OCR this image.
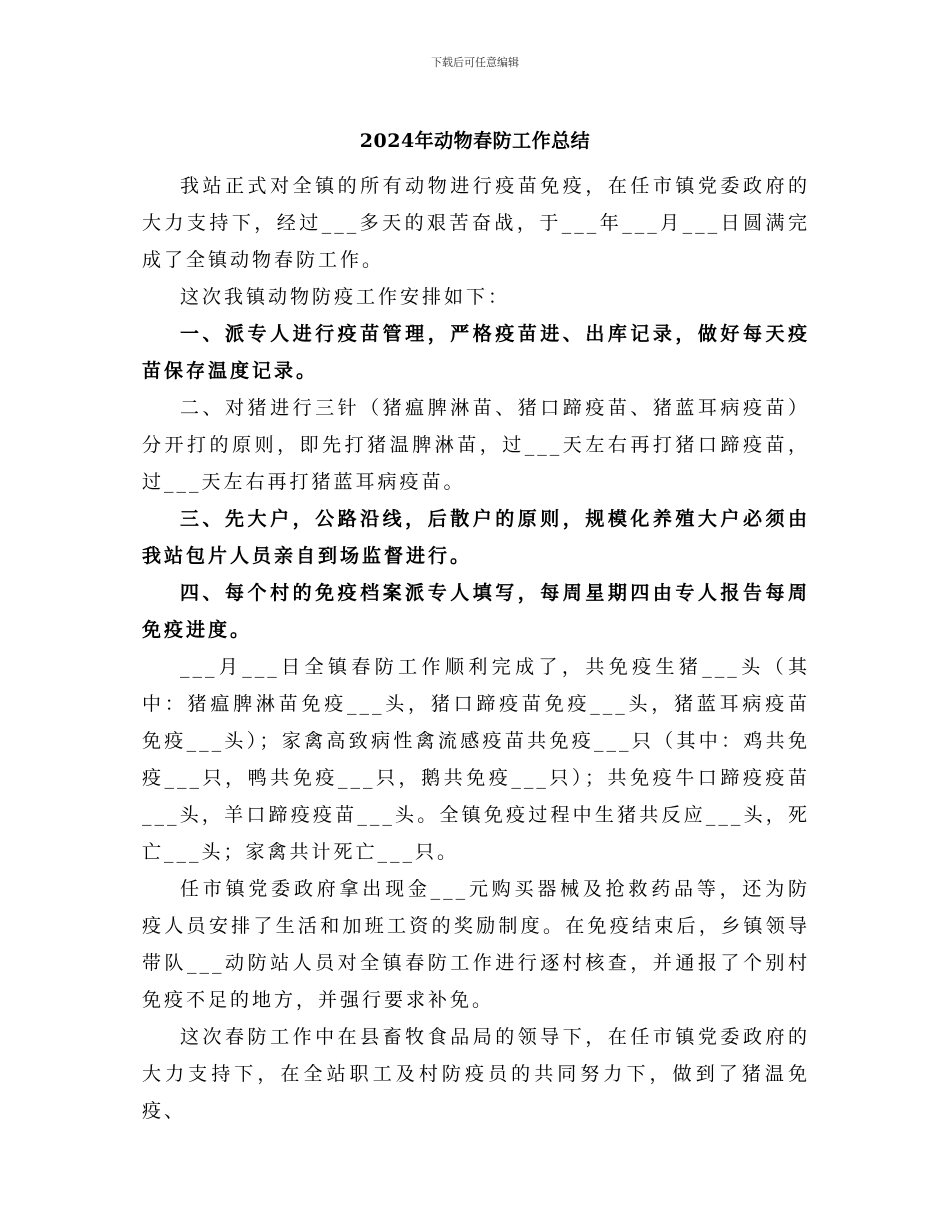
下载后可任意编辑
2024年动物春防工作总结

我站正式对全镇的所有动物进行疫苗免疫，在任市镇党委政府的大力支持下，经过___多天的艰苦奋战，于___年___月___日圆满完成了全镇动物春防工作。

这次我镇动物防疫工作安排如下：

一、派专人进行疫苗管理，严格疫苗进、出库记录，做好每天疫苗保存温度记录。

二、对猪进行三针（猪瘟脾淋苗、猪口蹄疫苗、猪蓝耳病疫苗）分开打的原则，即先打猪温脾淋苗，过___天左右再打猪口蹄疫苗，过___天左右再打猪蓝耳病疫苗。

三、先大户，公路沿线，后散户的原则，规模化养殖大户必须由我站包片人员亲自到场监督进行。

四、每个村的免疫档案派专人填写，每周星期四由专人报告每周免疫进度。

___月___日全镇春防工作顺利完成了，共免疫生猪___头（其中：猪瘟脾淋苗免疫___头，猪口蹄疫苗免疫___头，猪蓝耳病疫苗免疫___头）；家禽高致病性禽流感疫苗共免疫___只（其中：鸡共免疫___只，鸭共免疫___只，鹅共免疫___只）；共免疫牛口蹄疫疫苗___头，羊口蹄疫疫苗___头。全镇免疫过程中生猪共反应___头，死亡___头；家禽共计死亡___只。

任市镇党委政府拿出现金___元购买器械及抢救药品等，还为防疫人员安排了生活和加班工资的奖励制度。在免疫结束后，乡镇领导带队___动防站人员对全镇春防工作进行逐村核查，并通报了个别村免疫不足的地方，并强行要求补免。

这次春防工作中在县畜牧食品局的领导下，在任市镇党委政府的大力支持下，在全站职工及村防疫员的共同努力下，做到了猪温免疫、
